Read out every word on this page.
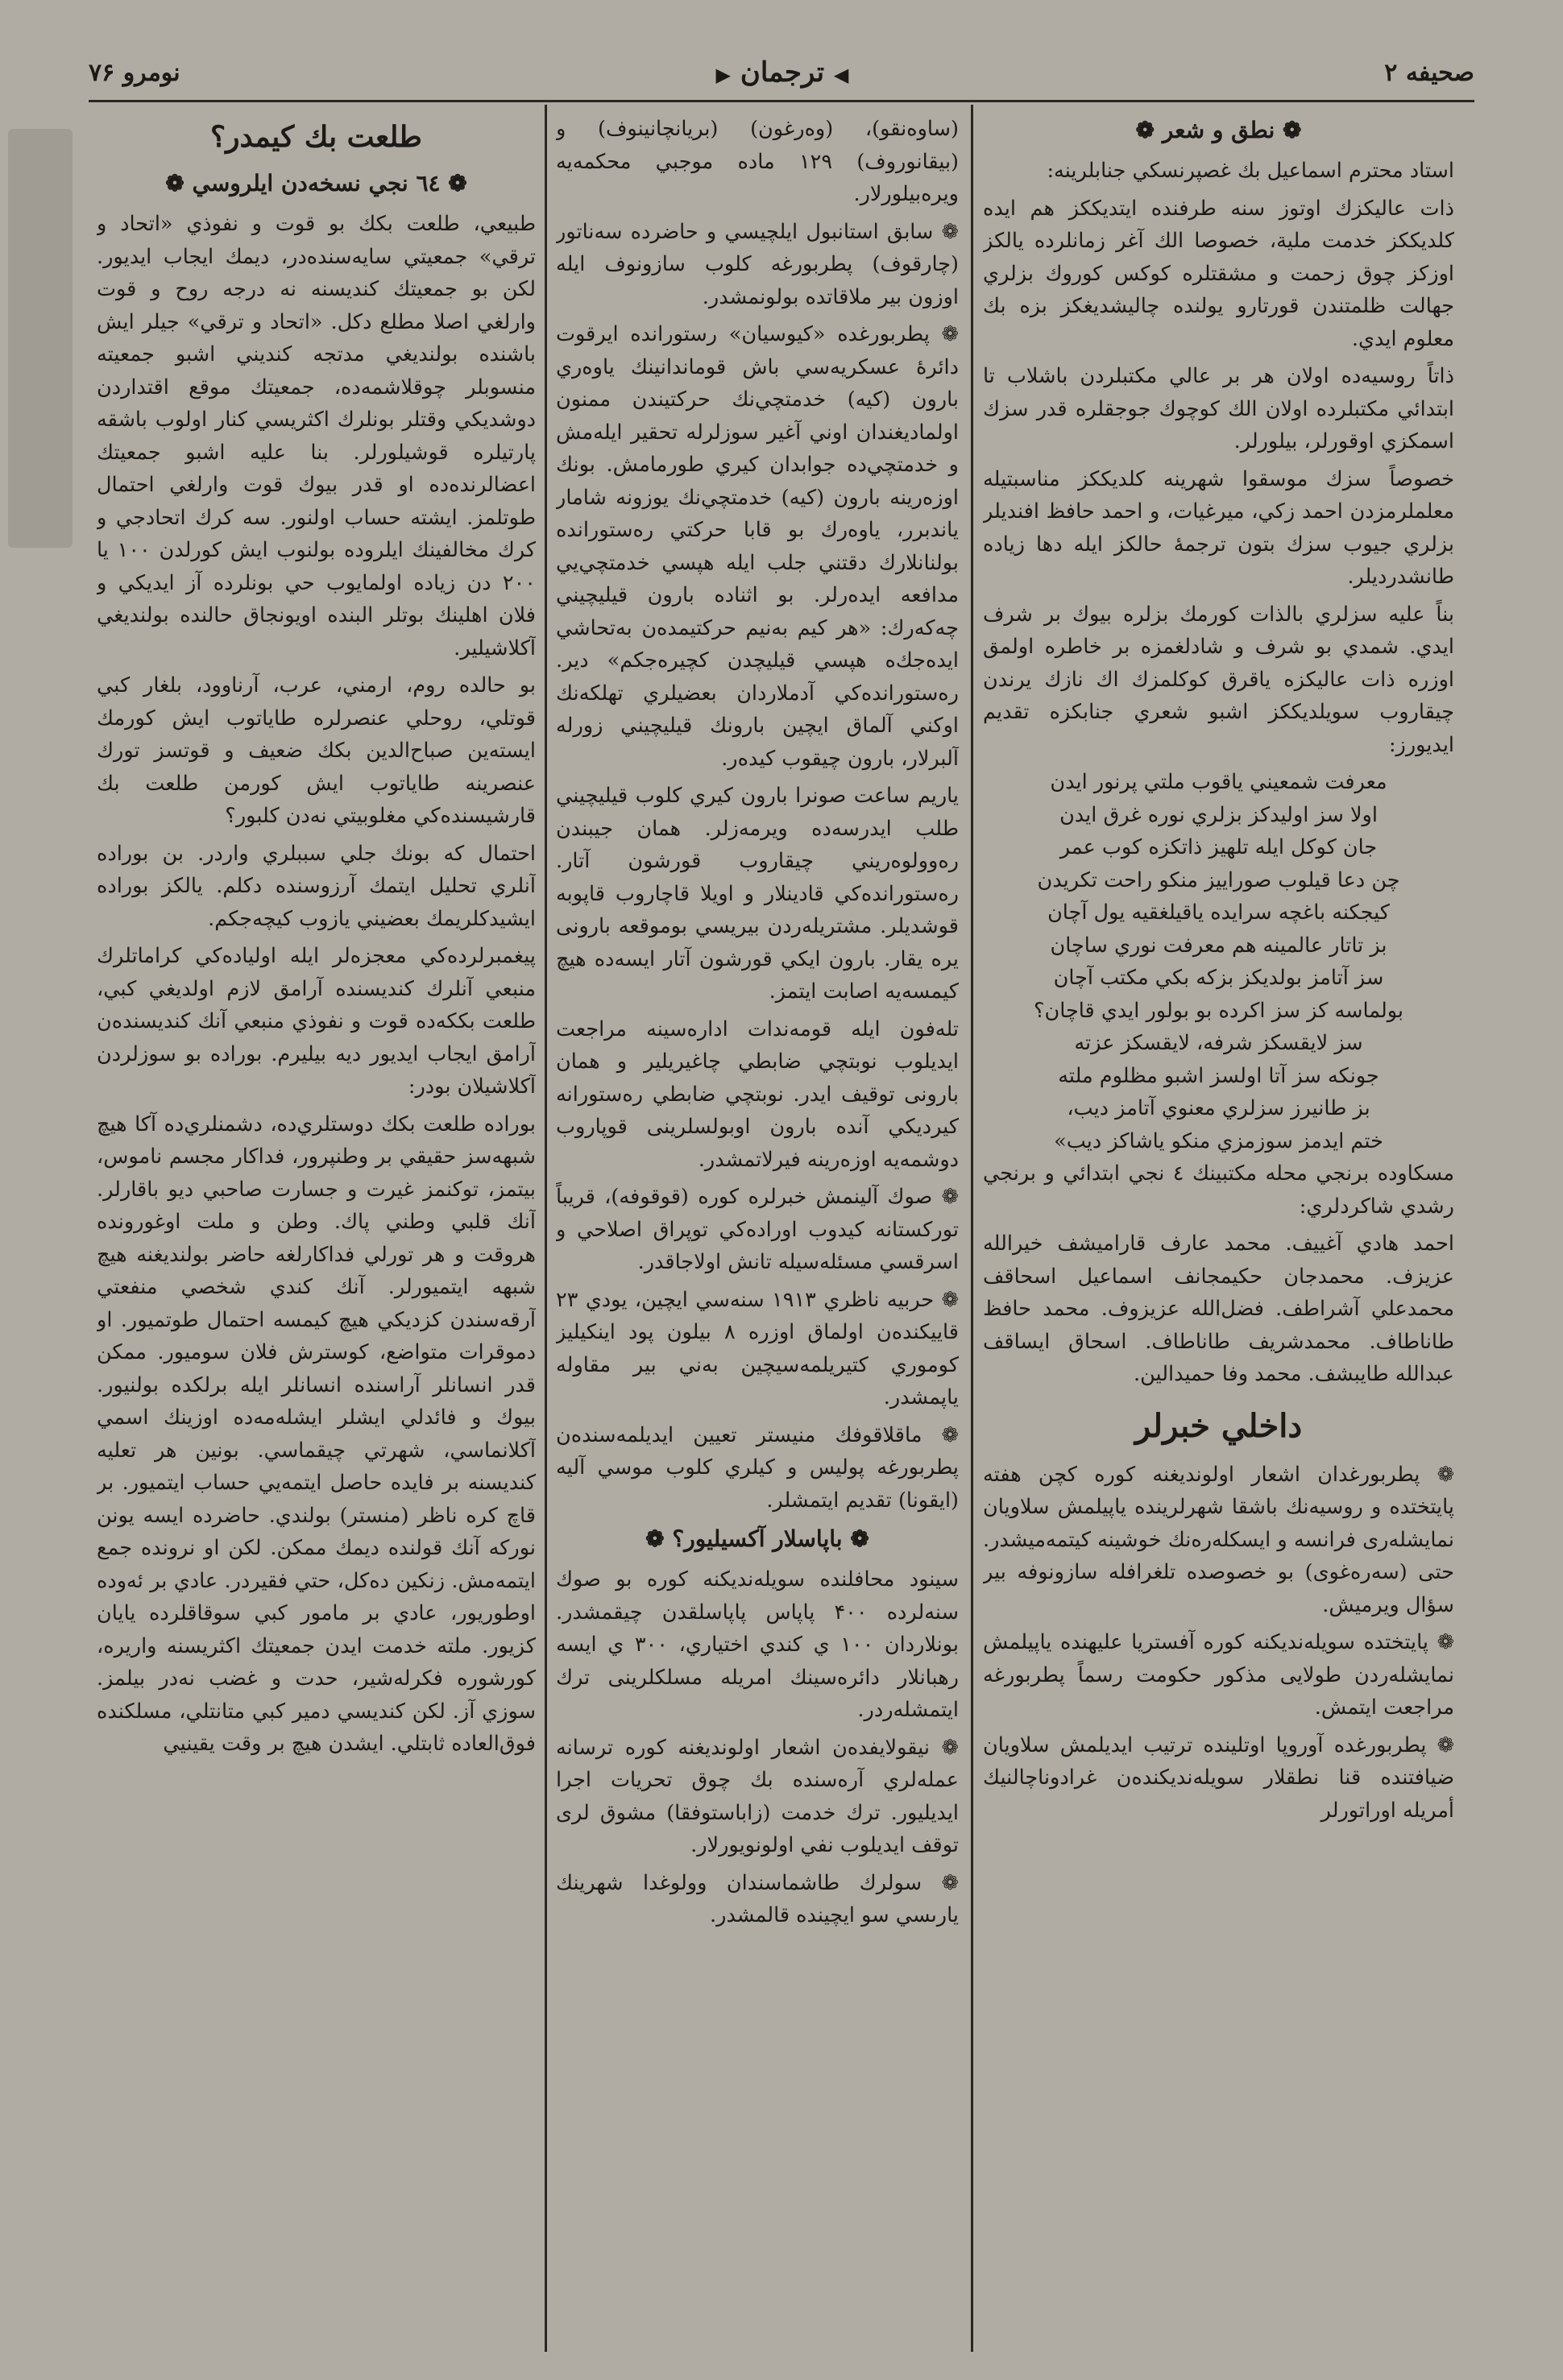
صحيفه ۲
◀ ترجمان ▶
نومرو ۷۶
❁ نطق و شعر ❁

استاد محترم اسماعيل بك غصپرنسكي جنابلرينه:

ذات عاليكزك اوتوز سنه طرفنده ايتديككز هم ايده كلديككز خدمت ملية، خصوصا الك آغر زمانلرده يالكز اوزكز چوق زحمت و مشقتلره كوكس كوروك بزلري جهالت ظلمتندن قورتارو يولنده چاليشديغكز بزه بك معلوم ايدي.

ذاتاً روسيه‌ده اولان هر بر عالي مكتبلردن باشلاب تا ابتدائي مكتبلرده اولان الك كوچوك جوجقلره قدر سزك اسمكزي اوقورلر، بيلورلر.

خصوصاً سزك موسقوا شهرينه كلديككز مناسبتيله معلملرمزدن احمد زكي، ميرغيات، و احمد حافظ افنديلر بزلري جيوب سزك بتون ترجمهٔ حالكز ايله دها زياده طانشدرديلر.

بناً عليه سزلري بالذات كورمك بزلره بيوك بر شرف ايدي. شمدي بو شرف و شادلغمزه بر خاطره اولمق اوزره ذات عاليكزه ياقرق كوكلمزك اك نازك يرندن چيقاروب سويلديككز اشبو شعري جنابكزه تقديم ايديورز:

معرفت شمعيني ياقوب ملتي پرنور ايدن
اولا سز اوليدكز بزلري نوره غرق ايدن
جان كوكل ايله تلهيز ذاتكزه كوب عمر
چن دعا قيلوب صوراييز منكو راحت تكريدن
كيجكنه باغچه سرايده ياقيلغقيه يول آچان
بز تاتار عالمينه هم معرفت نوري ساچان
سز آتامز بولديكز بزكه بكي مكتب آچان
بولماسه كز سز اكرده بو بولور ايدي قاچان؟
سز لايقسكز شرفه، لايقسكز عزته
جونكه سز آتا اولسز اشبو مظلوم ملته
بز طانيرز سزلري معنوي آتامز ديب،
ختم ايدمز سوزمزي منكو ياشاكز ديب»

مسكاوده برنجي محله مكتبينك ٤ نجي ابتدائي و برنجي رشدي شاكردلري:

احمد هادي آغييف. محمد عارف قاراميشف خيرالله عزيزف. محمدجان حكيمجانف اسماعيل اسحاقف محمدعلي آشراطف. فضل‌الله عزيزوف. محمد حافظ طاناطاف. محمدشريف طاناطاف. اسحاق ايساقف عبدالله طايبشف. محمد وفا حميدالين.

داخلي خبرلر

❁ پطربورغدان اشعار اولوندیغنه کوره کچن هفته پایتختده و روسیه‌نك باشقا شهرلرینده یاپیلمش سلاویان نمایشله‌ری فرانسه و ایسکله‌ره‌نك خوشینه کیتمه‌میشدر. حتی (سه‌ره‌غوی) بو خصوصده تلغرافله سازونوفه بیر سؤال ویرمیش.

❁ پایتختده سویله‌ندیکنه کوره آفستریا علیهنده یاپیلمش نمایشله‌ردن طولایی مذکور حکومت رسماً پطربورغه مراجعت ایتمش.

❁ پطربورغده آوروپا اوتلینده ترتیب ایدیلمش سلاویان ضیافتنده قنا نطقلار سویله‌ندیکنده‌ن غرادوناچالنيك أمریله اوراتورلر

(ساوه‌نقو)، (وه‌رغون) (بريانچانينوف) و (بيقانوروف) ۱۲۹ ماده موجبي محكمه‌يه ويره‌بيلورلار.

❁ سابق استانبول ايلچيسي و حاضرده سه‌ناتور (چارقوف) پطربورغه كلوب سازونوف ايله اوزون بير ملاقاتده بولونمشدر.

❁ پطربورغده «كيوسيان» رستورانده ايرقوت دائرهٔ عسكريه‌سي باش قوماندانينك ياوه‌ري بارون (كيه) خدمتچي‌نك حركتيندن ممنون اولماديغندان اوني آغير سوزلرله تحقير ايله‌مش و خدمتچي‌ده جوابدان كيري طورمامش. بونك اوزه‌رينه بارون (كيه) خدمتچي‌نك يوزونه شامار ياندبرر، ياوه‌رك بو قابا حركتي ره‌ستورانده بولنانلارك دقتني جلب ايله هپسي خدمتچي‌يي مدافعه ايده‌رلر. بو اثناده بارون قيليچيني چه‌كه‌رك: «هر كيم به‌نيم حركتيمده‌ن به‌تحاشي ايده‌جك‌ه هپسي قيليچدن كچيره‌جكم» دير. ره‌ستورانده‌كي آدملاردان بعضيلري تهلكه‌نك اوكني آلماق ايچين بارونك قيليچيني زورله آلبرلار، بارون چيقوب كيده‌ر.

ياريم ساعت صونرا بارون كيري كلوب قيليچيني طلب ايدرسه‌ده ويرمه‌زلر. همان جيبندن ره‌وولوه‌ريني چيقاروب قورشون آتار. ره‌ستورانده‌كي قادينلار و اويلا قاچاروب قاپوبه قوشديلر. مشتريله‌ردن بيريسي بوموقعه بارونى يره يقار. بارون ايكي قورشون آتار ايسه‌ده هيچ كيمسه‌يه اصابت ايتمز.

تله‌فون ايله قومه‌ندات اداره‌سينه مراجعت ايديلوب نوبتچي ضابطي چاغيريلير و همان بارونى توقيف ايدر. نوبتچي ضابطي ره‌ستورانه كيرديكي آنده بارون اوبولسلرينى قوپاروب دوشمه‌يه اوزه‌رينه فيرلاتمشدر.

❁ صوك آلينمش خبرلره كوره (قوقوفه)، قريباً توركستانه كيدوب اوراده‌كي توپراق اصلاحي و اسرقسي مسئله‌سيله تانش اولاجاقدر.

❁ حربيه ناظري ۱۹۱۳ سنه‌سي ايچين، يودي ۲۳ قاييكنده‌ن اولماق اوزره ۸ بيلون پود اينكيليز كوموري كتيريلمه‌سيچين به‌ني بير مقاوله ياپمشدر.

❁ ماقلاقوفك منيستر تعيين ايديلمه‌سنده‌ن پطربورغه پوليس و كيلري كلوب موسي آليه (ايقونا) تقديم ايتمشلر.

❁ باپاسلار آكسيليور؟ ❁

سينود محافلنده سويله‌نديكنه كوره بو صوك سنه‌لرده ۴۰۰ پاپاس پاپاسلقدن چيقمشدر. بونلاردان ۱۰۰ ي كندي اختياري، ۳۰۰ ي ايسه رهبانلار دائره‌سينك امريله مسلكلرينى ترك ايتمشله‌ردر.

❁ نيقولايفده‌ن اشعار اولونديغنه كوره ترسانه عمله‌لري آره‌سنده بك چوق تحريات اجرا ايديليور. ترك خدمت (زاباستوفقا) مشوق لرى توقف ايديلوب نفي اولونويورلار.

❁ سولرك طاشماسندان وولوغدا شهرينك يارىسي سو ايچينده قالمشدر.

طلعت بك كيمدر؟
❁ ٦٤ نجي نسخه‌دن ايلروسي ❁

طبيعي، طلعت بكك بو قوت و نفوذي «اتحاد و ترقي» جمعيتي سايه‌سنده‌در، ديمك ايجاب ايديور. لكن بو جمعيتك كنديسنه نه درجه روح و قوت وارلغي اصلا مطلع دكل. «اتحاد و ترقي» جيلر ايش باشنده بولنديغي مدتجه كنديني اشبو جمعيته منسوبلر چوقلاشمه‌ده، جمعيتك موقع اقتداردن دوشديكي وقتلر بونلرك اكثريسي كنار اولوب باشقه پارتيلره قوشيلورلر. بنا عليه اشبو جمعيتك اعضالرنده‌ده او قدر بيوك قوت وارلغي احتمال طوتلمز. ايشته حساب اولنور. سه كرك اتحادجي و كرك مخالفينك ايلروده بولنوب ايش كورلدن ۱۰۰ يا ۲۰۰ دن زياده اولمايوب حي بونلرده آز ايديكي و فلان اهلينك بوتلر البنده اويونجاق حالنده بولنديغي آكلاشيلير.

بو حالده روم، ارمني، عرب، آرناوود، بلغار كبي قوتلي، روحلي عنصرلره طاياتوب ايش كورمك ايسته‌ين صباح‌الدين بكك ضعيف و قوتسز تورك عنصرينه طاياتوب ايش كورمن طلعت بك قارشيسنده‌كي مغلوبيتي نه‌دن كلبور؟

احتمال كه بونك جلي سببلري واردر. بن بوراده آنلري تحليل ايتمك آرزوسنده دكلم. يالكز بوراده ايشيدكلريمك بعضيني يازوب كيچه‌جكم.

پيغمبرلرده‌كي معجزه‌لر ايله اولياده‌كي كراماتلرك منبعي آنلرك كنديسنده آرامق لازم اولديغي كبي، طلعت بككه‌ده قوت و نفوذي منبعي آنك كنديسنده‌ن آرامق ايجاب ايديور ديه بيليرم. بوراده بو سوزلردن آكلاشيلان بودر:

بوراده طلعت بكك دوستلري‌ده، دشمنلري‌ده آكا هيچ شبهه‌سز حقيقي بر وطنپرور، فداكار مجسم ناموس، بيتمز، توكنمز غيرت و جسارت صاحبي ديو باقارلر. آنك قلبي وطني پاك. وطن و ملت اوغورونده هروقت و هر تورلي فداكارلغه حاضر بولنديغنه هيچ شبهه ايتميورلر. آنك كندي شخصي منفعتي آرقه‌سندن كزديكي هيچ كيمسه احتمال طوتميور. او دموقرات متواضع، كوسترش فلان سوميور. ممكن قدر انسانلر آراسنده انسانلر ايله برلكده بولنيور. بيوك و فائدلي ايشلر ايشله‌مه‌ده اوزينك اسمي آكلانماسي، شهرتي چيقماسي. بونين هر تعليه كنديسنه بر فايده حاصل ايتمه‌يي حساب ايتميور. بر قاچ كره ناظر (منستر) بولندي. حاضرده ايسه يونن نوركه آنك قولنده ديمك ممكن. لكن او نرونده جمع ايتمه‌مش. زنكين ده‌كل، حتي فقيردر. عادي بر ئه‌وده اوطوريور، عادي بر مامور كبي سوقاقلرده يايان كزيور. ملته خدمت ايدن جمعيتك اكثريسنه واريره، كورشوره فكرله‌شير، حدت و غضب نه‌در بيلمز. سوزي آز. لكن كنديسي دمير كبي متانتلي، مسلكنده فوق‌العاده ثابتلي. ايشدن هيچ بر وقت يقينيي
